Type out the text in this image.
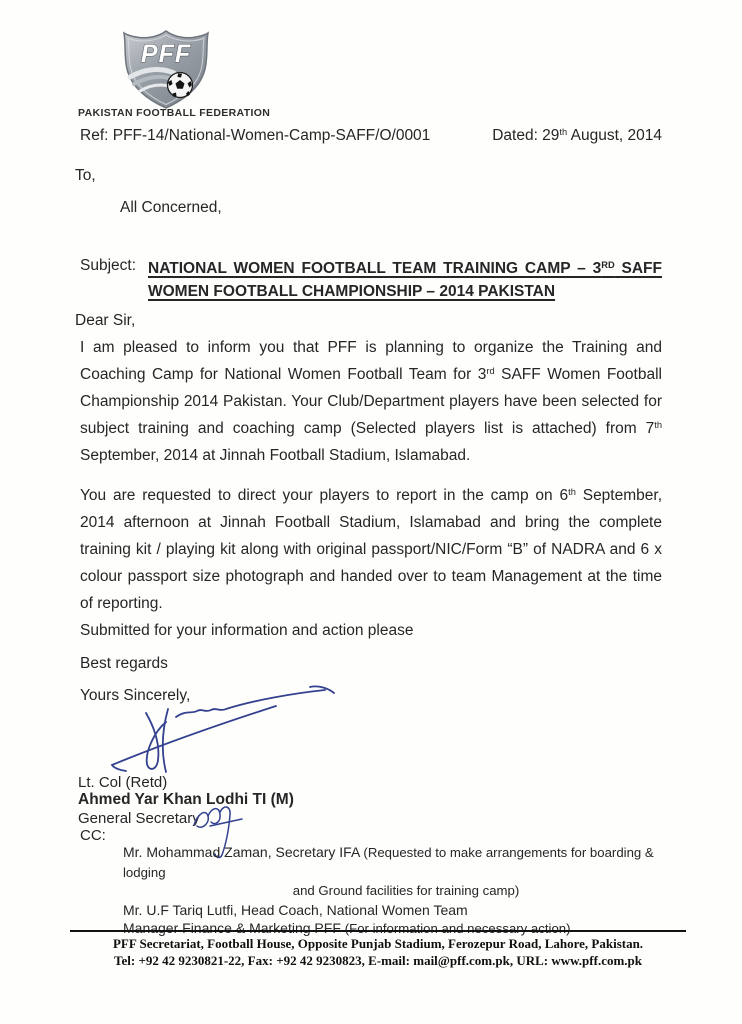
PFF
PAKISTAN FOOTBALL FEDERATION
Ref: PFF-14/National-Women-Camp-SAFF/O/0001	Dated: 29th August, 2014
To,
All Concerned,
Subject: NATIONAL WOMEN FOOTBALL TEAM TRAINING CAMP – 3RD SAFF WOMEN FOOTBALL CHAMPIONSHIP – 2014 PAKISTAN
Dear Sir,
I am pleased to inform you that PFF is planning to organize the Training and Coaching Camp for National Women Football Team for 3rd SAFF Women Football Championship 2014 Pakistan. Your Club/Department players have been selected for subject training and coaching camp (Selected players list is attached) from 7th September, 2014 at Jinnah Football Stadium, Islamabad.
You are requested to direct your players to report in the camp on 6th September, 2014 afternoon at Jinnah Football Stadium, Islamabad and bring the complete training kit / playing kit along with original passport/NIC/Form “B” of NADRA and 6 x colour passport size photograph and handed over to team Management at the time of reporting.
Submitted for your information and action please
Best regards
Yours Sincerely,
Lt. Col (Retd)
Ahmed Yar Khan Lodhi TI (M)
General Secretary
CC:
Mr. Mohammad Zaman, Secretary IFA (Requested to make arrangements for boarding & lodging
and Ground facilities for training camp)
Mr. U.F Tariq Lutfi, Head Coach, National Women Team
Manager Finance & Marketing PFF (For information and necessary action)
PFF Secretariat, Football House, Opposite Punjab Stadium, Ferozepur Road, Lahore, Pakistan.
Tel: +92 42 9230821-22, Fax: +92 42 9230823, E-mail: mail@pff.com.pk, URL: www.pff.com.pk
